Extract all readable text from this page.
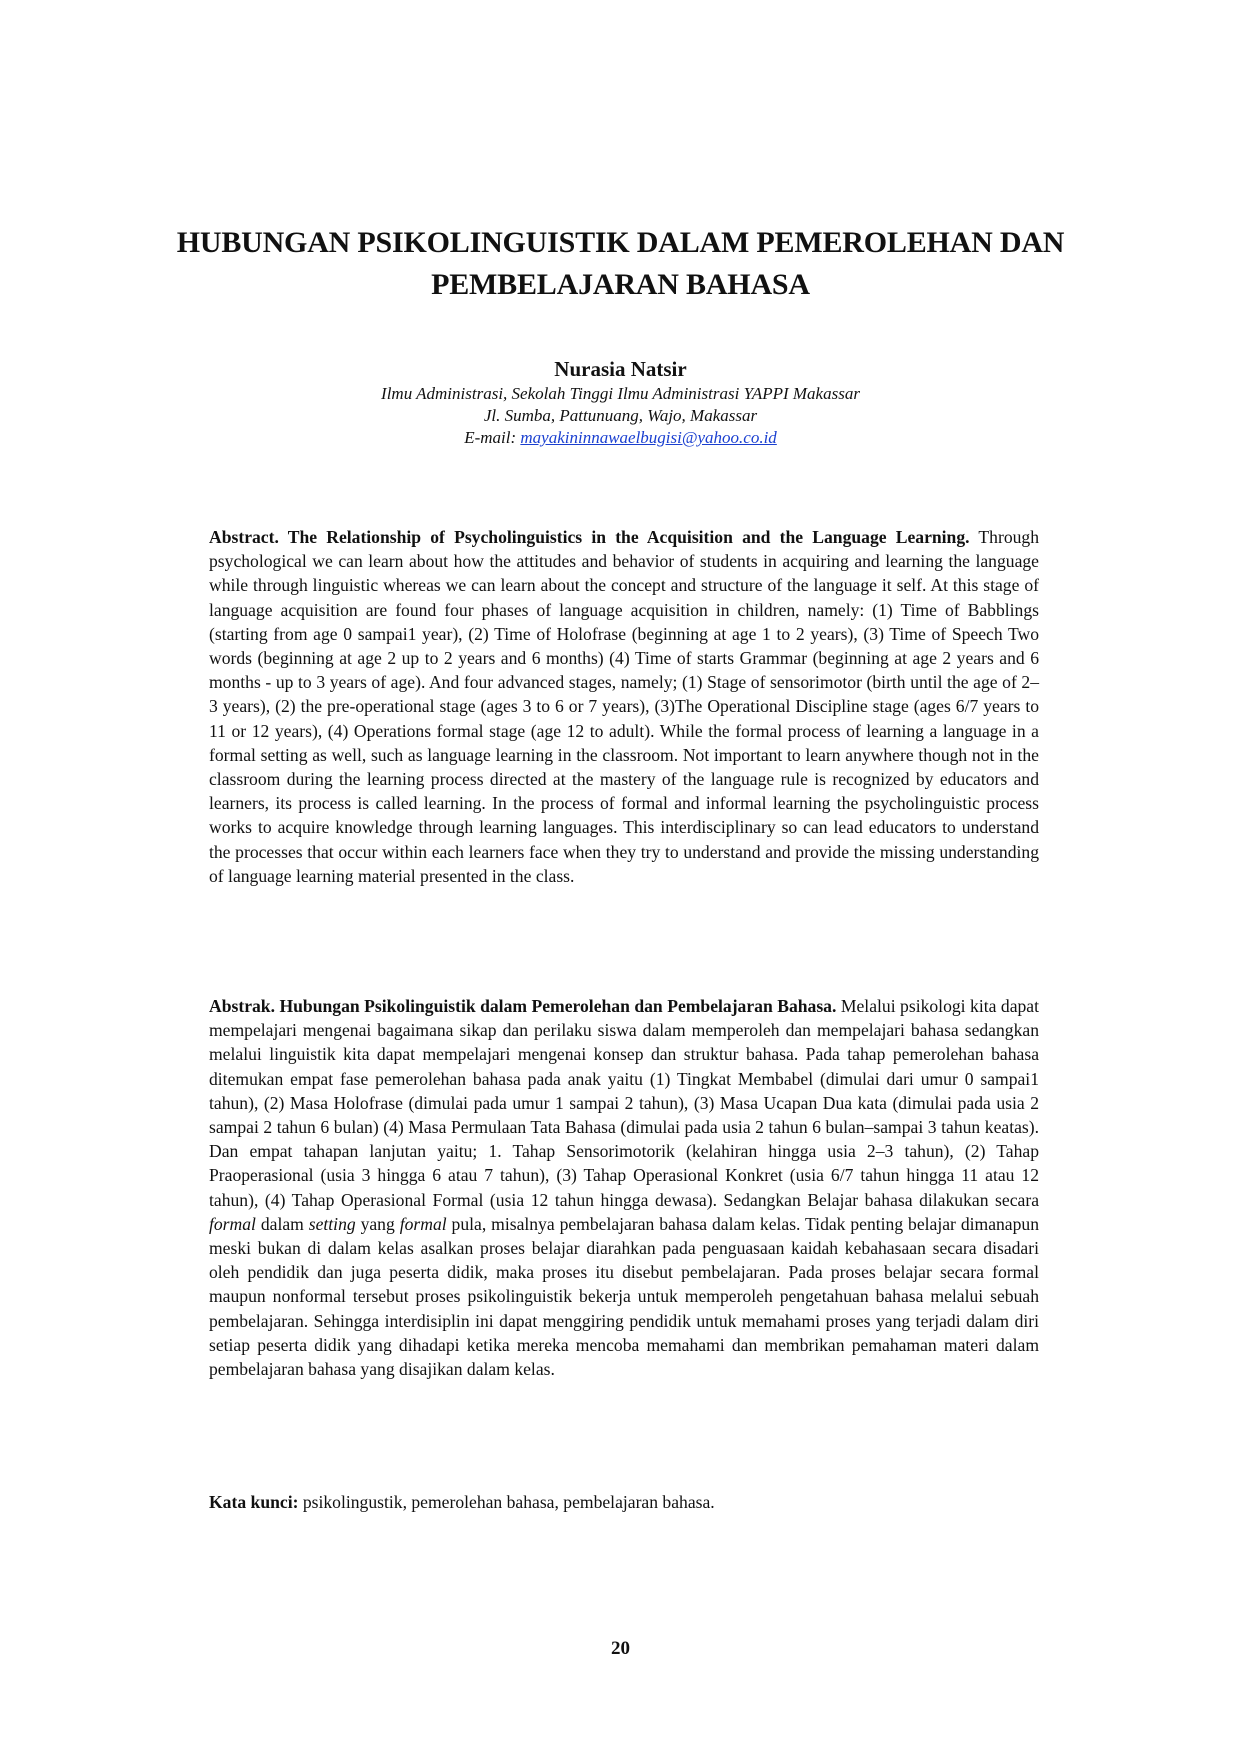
HUBUNGAN PSIKOLINGUISTIK DALAM PEMEROLEHAN DAN
PEMBELAJARAN BAHASA
Nurasia Natsir
Ilmu Administrasi, Sekolah Tinggi Ilmu Administrasi YAPPI Makassar
Jl. Sumba, Pattunuang, Wajo, Makassar
E-mail: mayakininnawaelbugisi@yahoo.co.id
Abstract. The Relationship of Psycholinguistics in the Acquisition and the Language Learning. Through psychological we can learn about how the attitudes and behavior of students in acquiring and learning the language while through linguistic whereas we can learn about the concept and structure of the language it self. At this stage of language acquisition are found four phases of language acquisition in children, namely: (1) Time of Babblings (starting from age 0 sampai1 year), (2) Time of Holofrase (beginning at age 1 to 2 years), (3) Time of Speech Two words (beginning at age 2 up to 2 years and 6 months) (4) Time of starts Grammar (beginning at age 2 years and 6 months - up to 3 years of age). And four advanced stages, namely; (1) Stage of sensorimotor (birth until the age of 2–3 years), (2) the pre-operational stage (ages 3 to 6 or 7 years), (3)The Operational Discipline stage (ages 6/7 years to 11 or 12 years), (4) Operations formal stage (age 12 to adult). While the formal process of learning a language in a formal setting as well, such as language learning in the classroom. Not important to learn anywhere though not in the classroom during the learning process directed at the mastery of the language rule is recognized by educators and learners, its process is called learning. In the process of formal and informal learning the psycholinguistic process works to acquire knowledge through learning languages. This interdisciplinary so can lead educators to understand the processes that occur within each learners face when they try to understand and provide the missing understanding of language learning material presented in the class.
Abstrak. Hubungan Psikolinguistik dalam Pemerolehan dan Pembelajaran Bahasa. Melalui psikologi kita dapat mempelajari mengenai bagaimana sikap dan perilaku siswa dalam memperoleh dan mempelajari bahasa sedangkan melalui linguistik kita dapat mempelajari mengenai konsep dan struktur bahasa. Pada tahap pemerolehan bahasa ditemukan empat fase pemerolehan bahasa pada anak yaitu (1) Tingkat Membabel (dimulai dari umur 0 sampai1 tahun), (2) Masa Holofrase (dimulai pada umur 1 sampai 2 tahun), (3) Masa Ucapan Dua kata (dimulai pada usia 2 sampai 2 tahun 6 bulan) (4) Masa Permulaan Tata Bahasa (dimulai pada usia 2 tahun 6 bulan–sampai 3 tahun keatas). Dan empat tahapan lanjutan yaitu; 1. Tahap Sensorimotorik (kelahiran hingga usia 2–3 tahun), (2) Tahap Praoperasional (usia 3 hingga 6 atau 7 tahun), (3) Tahap Operasional Konkret (usia 6/7 tahun hingga 11 atau 12 tahun), (4) Tahap Operasional Formal (usia 12 tahun hingga dewasa). Sedangkan Belajar bahasa dilakukan secara formal dalam setting yang formal pula, misalnya pembelajaran bahasa dalam kelas. Tidak penting belajar dimanapun meski bukan di dalam kelas asalkan proses belajar diarahkan pada penguasaan kaidah kebahasaan secara disadari oleh pendidik dan juga peserta didik, maka proses itu disebut pembelajaran. Pada proses belajar secara formal maupun nonformal tersebut proses psikolinguistik bekerja untuk memperoleh pengetahuan bahasa melalui sebuah pembelajaran. Sehingga interdisiplin ini dapat menggiring pendidik untuk memahami proses yang terjadi dalam diri setiap peserta didik yang dihadapi ketika mereka mencoba memahami dan membrikan pemahaman materi dalam pembelajaran bahasa yang disajikan dalam kelas.
Kata kunci: psikolingustik, pemerolehan bahasa, pembelajaran bahasa.
20
